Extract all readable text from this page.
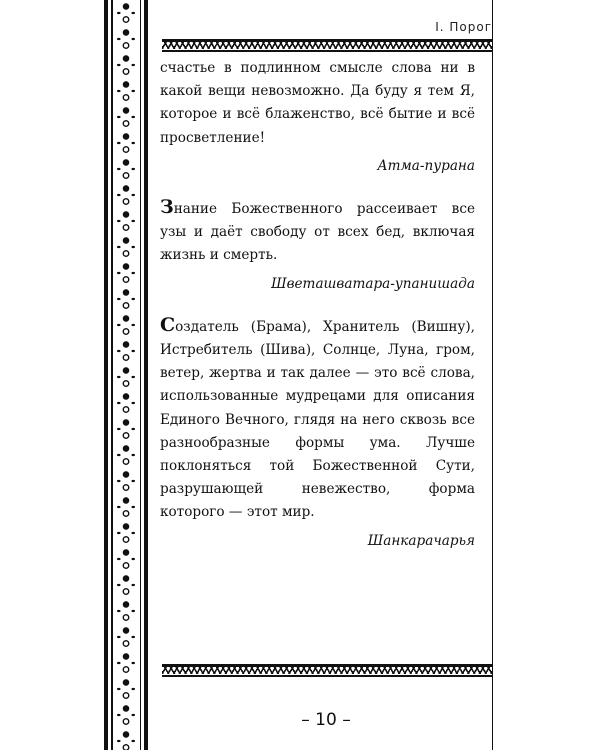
I. Порог

счастье в подлинном смысле слова ни в какой вещи невозможно. Да буду я тем Я, которое и всё блаженство, всё бытие и всё просветление!

Атма-пурана

Знание Божественного рассеивает все узы и даёт свободу от всех бед, включая жизнь и смерть.

Шветашватара-упанишада

Создатель (Брама), Хранитель (Вишну), Истребитель (Шива), Солнце, Луна, гром, ветер, жертва и так далее — это всё слова, использованные мудрецами для описания Единого Вечного, глядя на него сквозь все разнообразные формы ума. Лучше поклоняться той Божественной Сути, разрушающей невежество, форма которого — этот мир.

Шанкарачарья

– 10 –
